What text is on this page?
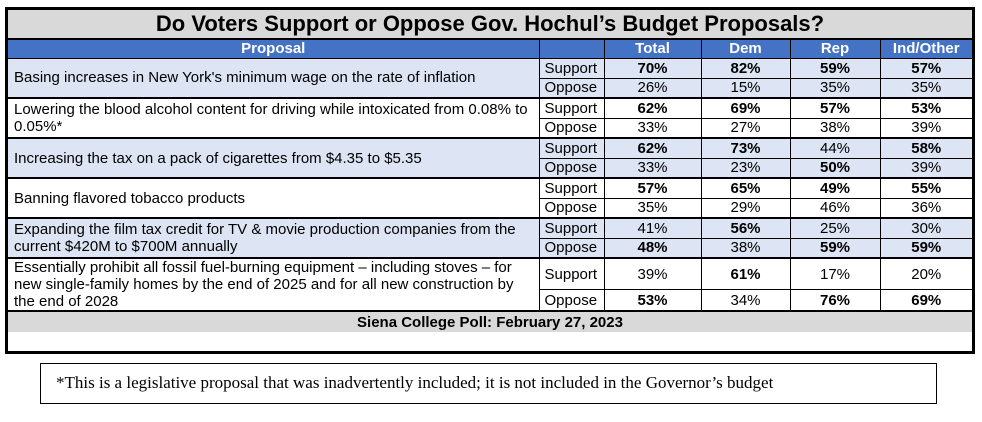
Do Voters Support or Oppose Gov. Hochul’s Budget Proposals?
Proposal		Total	Dem	Rep	Ind/Other
Basing increases in New York's minimum wage on the rate of inflation	Support	70%	82%	59%	57%
	Oppose	26%	15%	35%	35%
Lowering the blood alcohol content for driving while intoxicated from 0.08% to 0.05%*	Support	62%	69%	57%	53%
	Oppose	33%	27%	38%	39%
Increasing the tax on a pack of cigarettes from $4.35 to $5.35	Support	62%	73%	44%	58%
	Oppose	33%	23%	50%	39%
Banning flavored tobacco products	Support	57%	65%	49%	55%
	Oppose	35%	29%	46%	36%
Expanding the film tax credit for TV & movie production companies from the current $420M to $700M annually	Support	41%	56%	25%	30%
	Oppose	48%	38%	59%	59%
Essentially prohibit all fossil fuel-burning equipment – including stoves – for new single-family homes by the end of 2025 and for all new construction by the end of 2028	Support	39%	61%	17%	20%
	Oppose	53%	34%	76%	69%
Siena College Poll: February 27, 2023					
*This is a legislative proposal that was inadvertently included; it is not included in the Governor’s budget
